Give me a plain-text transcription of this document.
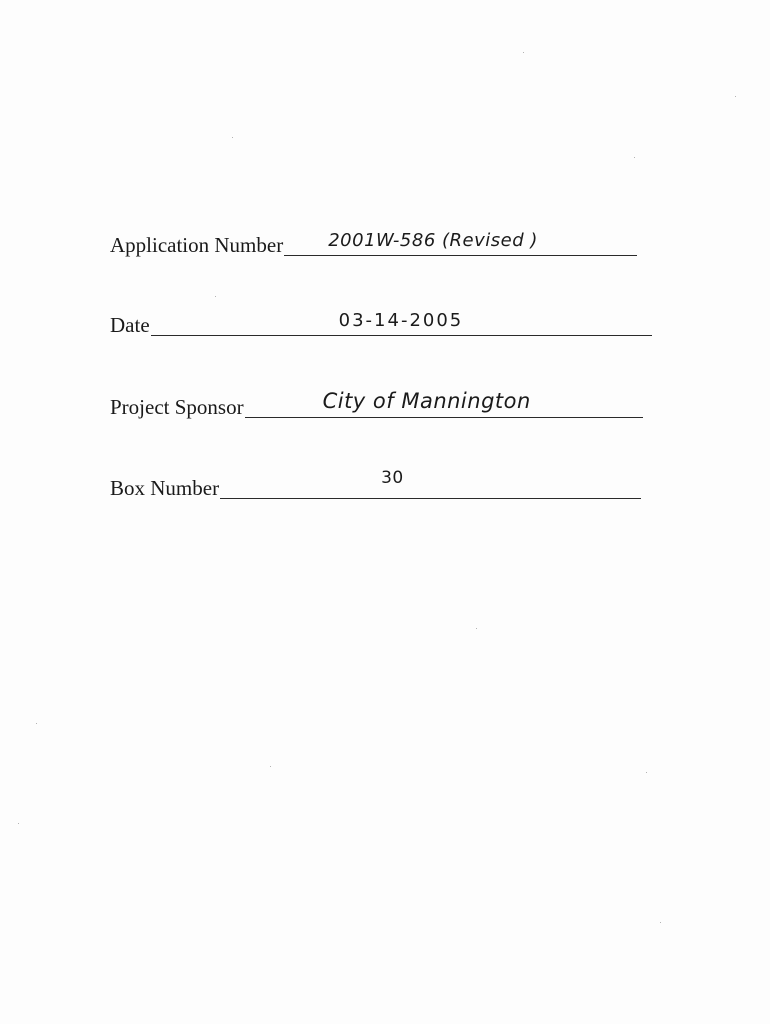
Application Number	2001W-586 (Revised )
Date	03-14-2005
Project Sponsor	City of Mannington
Box Number	30
